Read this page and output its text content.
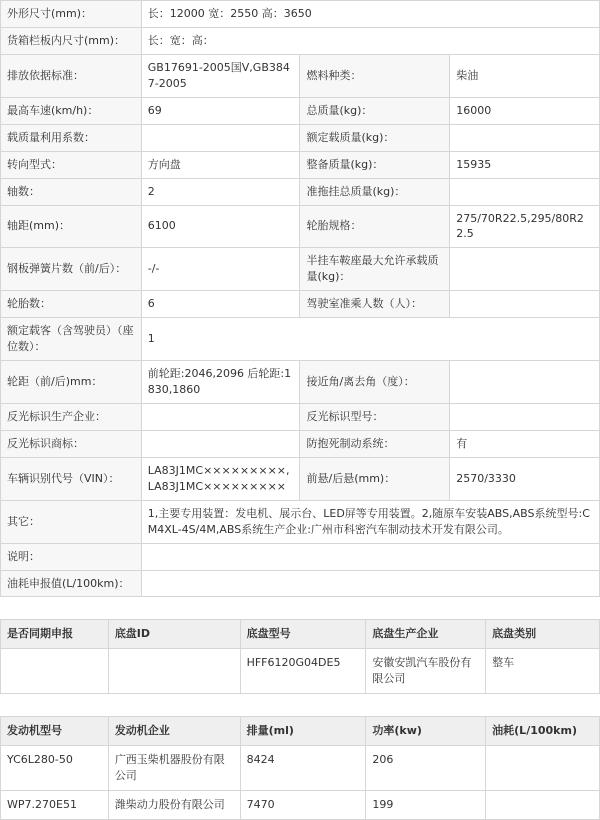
外形尺寸(mm)：	长：12000 宽：2550 高：3650		
货箱栏板内尺寸(mm)：	长：宽：高：		
排放依据标准：	GB17691-2005国Ⅴ,GB3847-2005	燃料种类：	柴油
最高车速(km/h)：	69	总质量(kg)：	16000
载质量利用系数：		额定载质量(kg)：	
转向型式：	方向盘	整备质量(kg)：	15935
轴数：	2	准拖挂总质量(kg)：	
轴距(mm)：	6100	轮胎规格：	275/70R22.5,295/80R22.5
钢板弹簧片数（前/后）：	-/-	半挂车鞍座最大允许承载质量(kg)：	
轮胎数：	6	驾驶室准乘人数（人）：	
额定载客（含驾驶员）（座位数）：	1		
轮距（前/后)mm：	前轮距:2046,2096 后轮距:1830,1860	接近角/离去角（度）：	
反光标识生产企业：		反光标识型号：	
反光标识商标：		防抱死制动系统：	有
车辆识别代号（VIN）：	LA83J1MC×××××××××,LA83J1MC×××××××××	前悬/后悬(mm)：	2570/3330
其它：	1,主要专用装置：发电机、展示台、LED屏等专用装置。2,随原车安装ABS,ABS系统型号:CM4XL-4S/4M,ABS系统生产企业:广州市科密汽车制动技术开发有限公司。		
说明：			
油耗申报值(L/100km)：			
是否同期申报	底盘ID	底盘型号	底盘生产企业	底盘类别
		HFF6120G04DE5	安徽安凯汽车股份有限公司	整车
发动机型号	发动机企业	排量(ml)	功率(kw)	油耗(L/100km)
YC6L280-50	广西玉柴机器股份有限公司	8424	206	
WP7.270E51	潍柴动力股份有限公司	7470	199	
